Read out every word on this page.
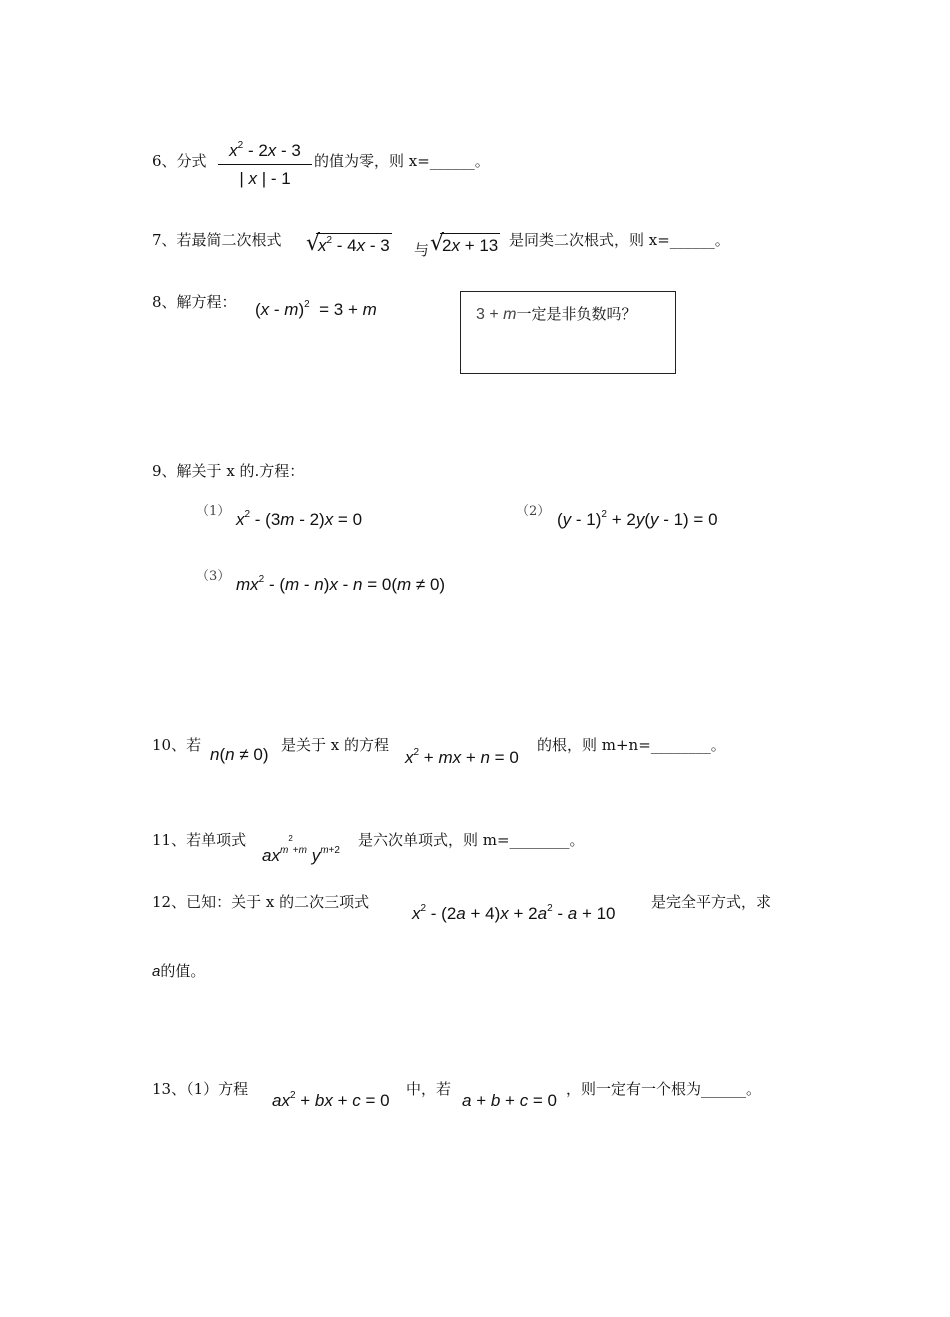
6、分式
$x^2 - 2x - 3$
| x | - 1
的值为零，则 x=______。
7、若最简二次根式 √
$x^2 - 4x - 3$ 与 √
2x + 13 是同类二次根式，则 x=______。
8、解方程： (x - m)$^2$  = 3 + m	3 + m一定是非负数吗？
9、解关于 x 的.方程：
（1） $x^2 - (3m - 2)x = 0$	（2） (y - 1)$^2$ + 2y(y - 1) = 0
（3） $mx^2 - (m - n)x - n = 0(m \ne 0)$
10、若 n(n ≠ 0) 是关于 x 的方程
$x^2$ + mx + n = 0
的根，则 m+n=________。
11、若单项式
$ax^{m^2+m}$ $y^{m+2}$
是六次单项式，则 m=________。
12、已知：关于 x 的二次三项式
$x^2 - (2a + 4)x + 2a^2 - a + 10$
是完全平方式，求
a的值。
13、（1）方程
$ax^2$ + bx + c = 0
中，若
a + b + c = 0
，则一定有一个根为______。
